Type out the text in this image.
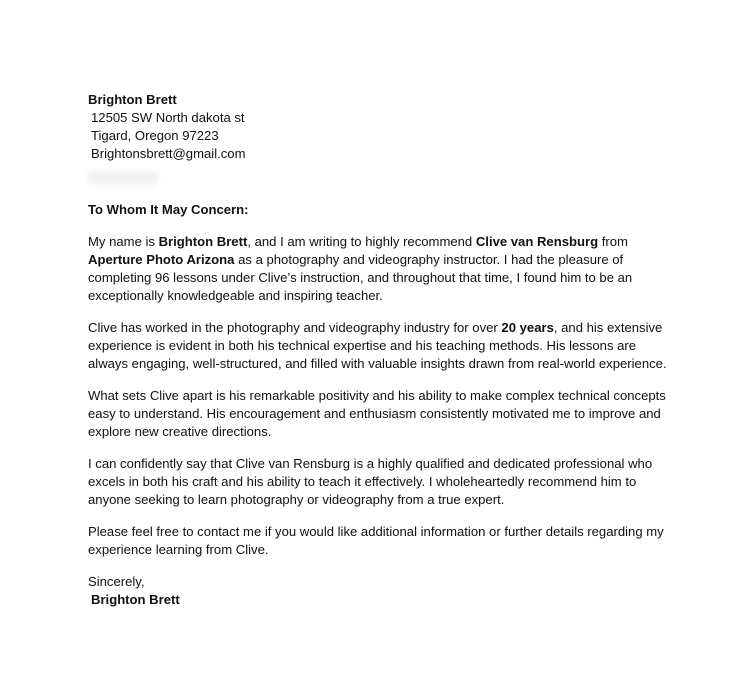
Brighton Brett
12505 SW North dakota st
Tigard, Oregon 97223
Brightonsbrett@gmail.com
To Whom It May Concern:
My name is Brighton Brett, and I am writing to highly recommend Clive van Rensburg from Aperture Photo Arizona as a photography and videography instructor. I had the pleasure of completing 96 lessons under Clive’s instruction, and throughout that time, I found him to be an exceptionally knowledgeable and inspiring teacher.
Clive has worked in the photography and videography industry for over 20 years, and his extensive experience is evident in both his technical expertise and his teaching methods. His lessons are always engaging, well-structured, and filled with valuable insights drawn from real-world experience.
What sets Clive apart is his remarkable positivity and his ability to make complex technical concepts easy to understand. His encouragement and enthusiasm consistently motivated me to improve and explore new creative directions.
I can confidently say that Clive van Rensburg is a highly qualified and dedicated professional who excels in both his craft and his ability to teach it effectively. I wholeheartedly recommend him to anyone seeking to learn photography or videography from a true expert.
Please feel free to contact me if you would like additional information or further details regarding my experience learning from Clive.
Sincerely,
Brighton Brett
